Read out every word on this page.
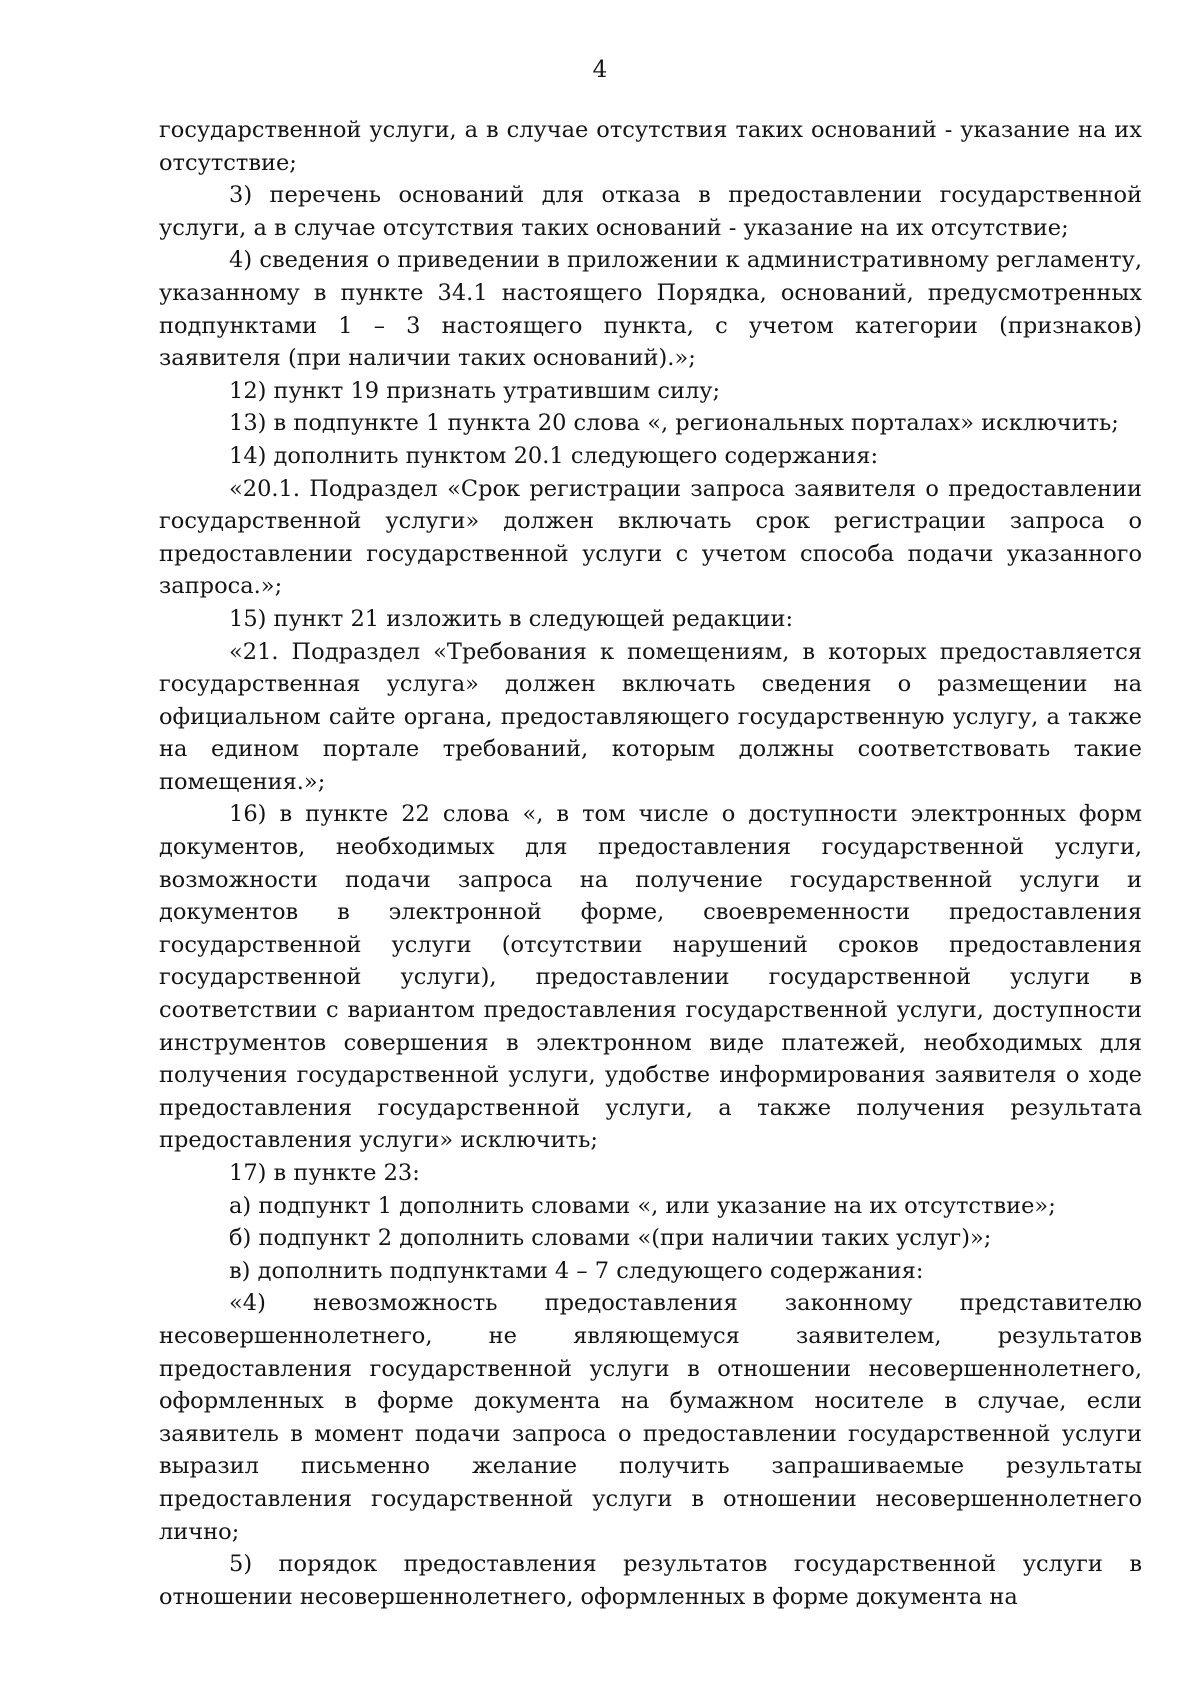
4

государственной услуги, а в случае отсутствия таких оснований - указание на их отсутствие;

3) перечень оснований для отказа в предоставлении государственной услуги, а в случае отсутствия таких оснований - указание на их отсутствие;

4) сведения о приведении в приложении к административному регламенту, указанному в пункте 34.1 настоящего Порядка, оснований, предусмотренных подпунктами 1 – 3 настоящего пункта, с учетом категории (признаков) заявителя (при наличии таких оснований).»;

12) пункт 19 признать утратившим силу;

13) в подпункте 1 пункта 20 слова «, региональных порталах» исключить;

14) дополнить пунктом 20.1 следующего содержания:

«20.1. Подраздел «Срок регистрации запроса заявителя о предоставлении государственной услуги» должен включать срок регистрации запроса о предоставлении государственной услуги с учетом способа подачи указанного запроса.»;

15) пункт 21 изложить в следующей редакции:

«21. Подраздел «Требования к помещениям, в которых предоставляется государственная услуга» должен включать сведения о размещении на официальном сайте органа, предоставляющего государственную услугу, а также на едином портале требований, которым должны соответствовать такие помещения.»;

16) в пункте 22 слова «, в том числе о доступности электронных форм документов, необходимых для предоставления государственной услуги, возможности подачи запроса на получение государственной услуги и документов в электронной форме, своевременности предоставления государственной услуги (отсутствии нарушений сроков предоставления государственной услуги), предоставлении государственной услуги в соответствии с вариантом предоставления государственной услуги, доступности инструментов совершения в электронном виде платежей, необходимых для получения государственной услуги, удобстве информирования заявителя о ходе предоставления государственной услуги, а также получения результата предоставления услуги» исключить;

17) в пункте 23:

а) подпункт 1 дополнить словами «, или указание на их отсутствие»;

б) подпункт 2 дополнить словами «(при наличии таких услуг)»;

в) дополнить подпунктами 4 – 7 следующего содержания:

«4) невозможность предоставления законному представителю несовершеннолетнего, не являющемуся заявителем, результатов предоставления государственной услуги в отношении несовершеннолетнего, оформленных в форме документа на бумажном носителе в случае, если заявитель в момент подачи запроса о предоставлении государственной услуги выразил письменно желание получить запрашиваемые результаты предоставления государственной услуги в отношении несовершеннолетнего лично;

5) порядок предоставления результатов государственной услуги в отношении несовершеннолетнего, оформленных в форме документа на
